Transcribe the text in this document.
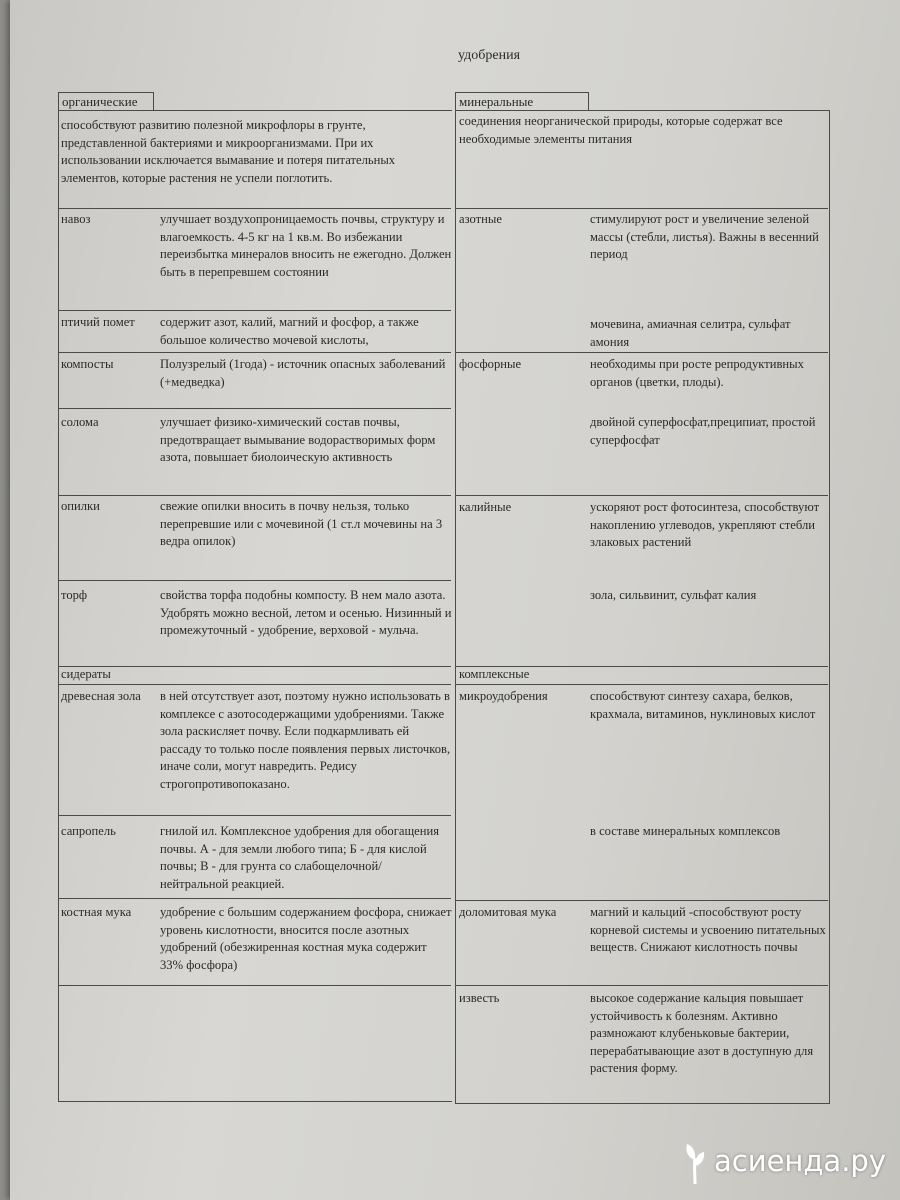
удобрения
органические	минеральные
способствуют развитию полезной микрофлоры в грунте, представленной бактериями и микроорганизмами. При их использовании исключается вымавание и потеря питательных элементов, которые растения не успели поглотить.
навоз	улучшает воздухопроницаемость почвы, структуру и влагоемкость. 4-5 кг на 1 кв.м. Во избежании переизбытка минералов вносить не ежегодно. Должен быть в перепревшем состоянии
птичий помет	содержит азот, калий, магний и фосфор, а также большое количество мочевой кислоты,
компосты	Полузрелый (1года) - источник опасных заболеваний (+медведка)
солома	улучшает физико-химический состав почвы, предотвращает вымывание водорастворимых форм азота, повышает биолоическую активность
опилки	свежие опилки вносить в почву нельзя, только перепревшие или с мочевиной (1 ст.л мочевины на 3 ведра опилок)
торф	свойства торфа подобны компосту. В нем мало азота. Удобрять можно весной, летом и осенью. Низинный и промежуточный - удобрение, верховой - мульча.
сидераты
древесная зола	в ней отсутствует азот, поэтому нужно использовать в комплексе с азотосодержащими удобрениями. Также зола раскисляет почву. Если подкармливать ей рассаду то только после появления первых листочков, иначе соли, могут навредить. Редису строгопротивопоказано.
сапропель	гнилой ил. Комплексное удобрения для обогащения почвы. А - для земли любого типа; Б - для кислой почвы; В - для грунта со слабощелочной/ нейтральной реакцией.
костная мука	удобрение с большим содержанием фосфора, снижает уровень кислотности, вносится после азотных удобрений (обезжиренная костная мука содержит 33% фосфора)
соединения неорганической природы, которые содержат все необходимые элементы питания
азотные	стимулируют рост и увеличение зеленой массы (стебли, листья). Важны в весенний период
мочевина, амиачная селитра, сульфат амония
фосфорные	необходимы при росте репродуктивных органов (цветки, плоды).
двойной суперфосфат,преципиат, простой суперфосфат
калийные	ускоряют рост фотосинтеза, способствуют накоплению углеводов, укрепляют стебли злаковых растений
зола, сильвинит, сульфат калия
комплексные
микроудобрения	способствуют синтезу сахара, белков, крахмала, витаминов, нуклиновых кислот
в составе минеральных комплексов
доломитовая мука	магний и кальций -способствуют росту корневой системы и усвоению питательных веществ. Снижают кислотность почвы
известь	высокое содержание кальция повышает устойчивость к болезням. Активно размножают клубеньковые бактерии, перерабатывающие азот в доступную для растения форму.
асиенда.ру
